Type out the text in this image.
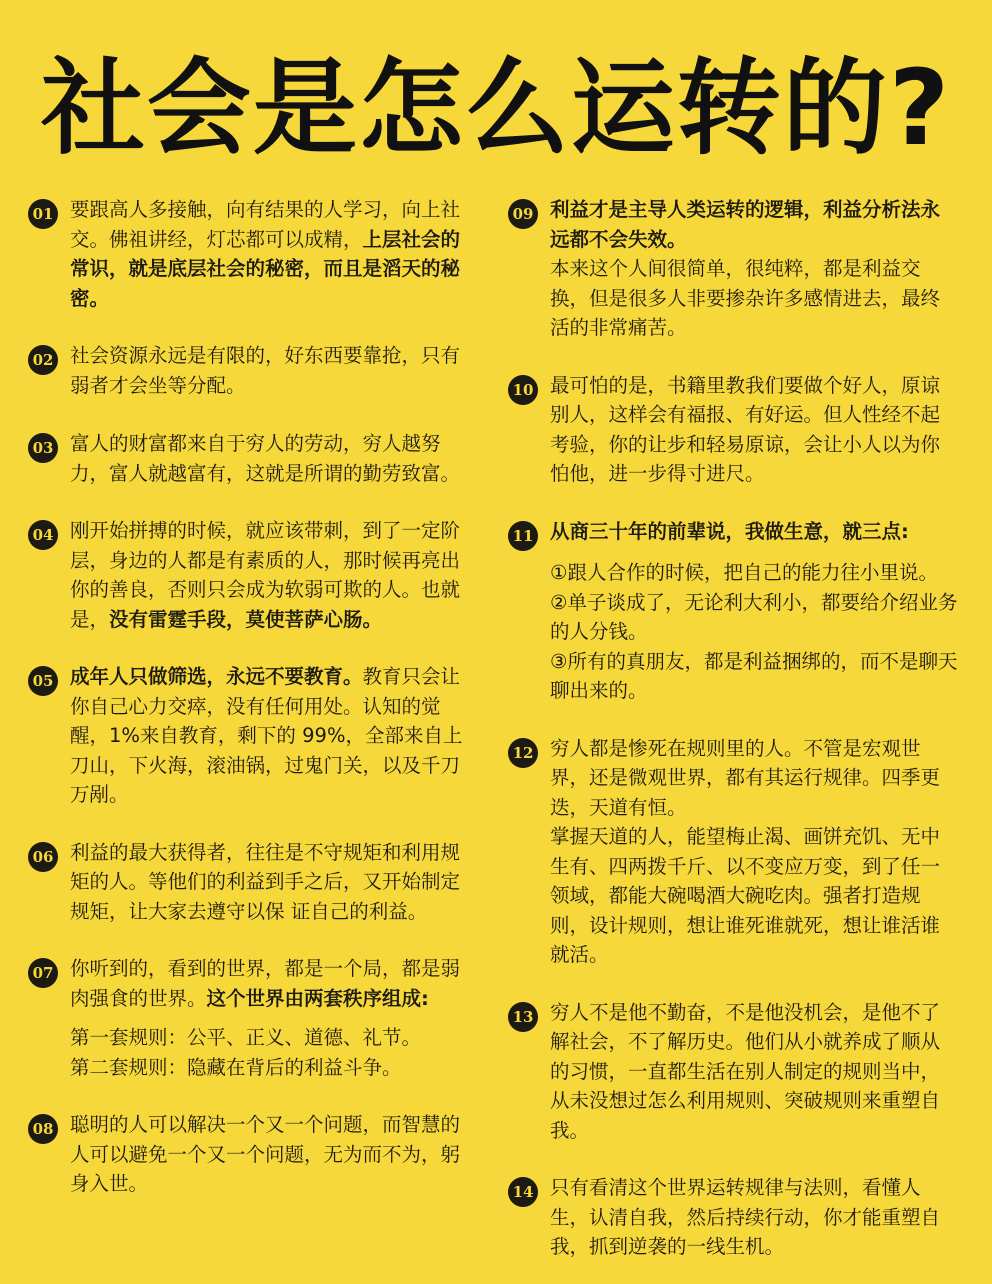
社会是怎么运转的?
01 要跟高人多接触，向有结果的人学习，向上社交。佛祖讲经，灯芯都可以成精，上层社会的常识，就是底层社会的秘密，而且是滔天的秘密。
02 社会资源永远是有限的，好东西要靠抢，只有弱者才会坐等分配。
03 富人的财富都来自于穷人的劳动，穷人越努力，富人就越富有，这就是所谓的勤劳致富。
04 刚开始拼搏的时候，就应该带刺，到了一定阶层，身边的人都是有素质的人，那时候再亮出你的善良，否则只会成为软弱可欺的人。也就是，没有雷霆手段，莫使菩萨心肠。
05 成年人只做筛选，永远不要教育。教育只会让你自己心力交瘁，没有任何用处。认知的觉醒，1%来自教育，剩下的 99%，全部来自上刀山，下火海，滚油锅，过鬼门关，以及千刀万剐。
06 利益的最大获得者，往往是不守规矩和利用规矩的人。等他们的利益到手之后，又开始制定规矩，让大家去遵守以保 证自己的利益。
07 你听到的，看到的世界，都是一个局，都是弱肉强食的世界。这个世界由两套秩序组成:
第一套规则：公平、正义、道德、礼节。
第二套规则：隐藏在背后的利益斗争。
08 聪明的人可以解决一个又一个问题，而智慧的人可以避免一个又一个问题，无为而不为，躬身入世。
09 利益才是主导人类运转的逻辑，利益分析法永远都不会失效。
本来这个人间很简单，很纯粹，都是利益交换，但是很多人非要掺杂许多感情进去，最终活的非常痛苦。
10 最可怕的是，书籍里教我们要做个好人，原谅别人，这样会有福报、有好运。但人性经不起考验，你的让步和轻易原谅，会让小人以为你怕他，进一步得寸进尺。
11 从商三十年的前辈说，我做生意，就三点:
①跟人合作的时候，把自己的能力往小里说。
②单子谈成了，无论利大利小，都要给介绍业务的人分钱。
③所有的真朋友，都是利益捆绑的，而不是聊天聊出来的。
12 穷人都是惨死在规则里的人。不管是宏观世界，还是微观世界，都有其运行规律。四季更迭，天道有恒。
掌握天道的人，能望梅止渴、画饼充饥、无中生有、四两拨千斤、以不变应万变，到了任一领域，都能大碗喝酒大碗吃肉。强者打造规则，设计规则，想让谁死谁就死，想让谁活谁就活。
13 穷人不是他不勤奋，不是他没机会，是他不了解社会，不了解历史。他们从小就养成了顺从的习惯，一直都生活在别人制定的规则当中，从未没想过怎么利用规则、突破规则来重塑自我。
14 只有看清这个世界运转规律与法则，看懂人生，认清自我，然后持续行动，你才能重塑自我，抓到逆袭的一线生机。
